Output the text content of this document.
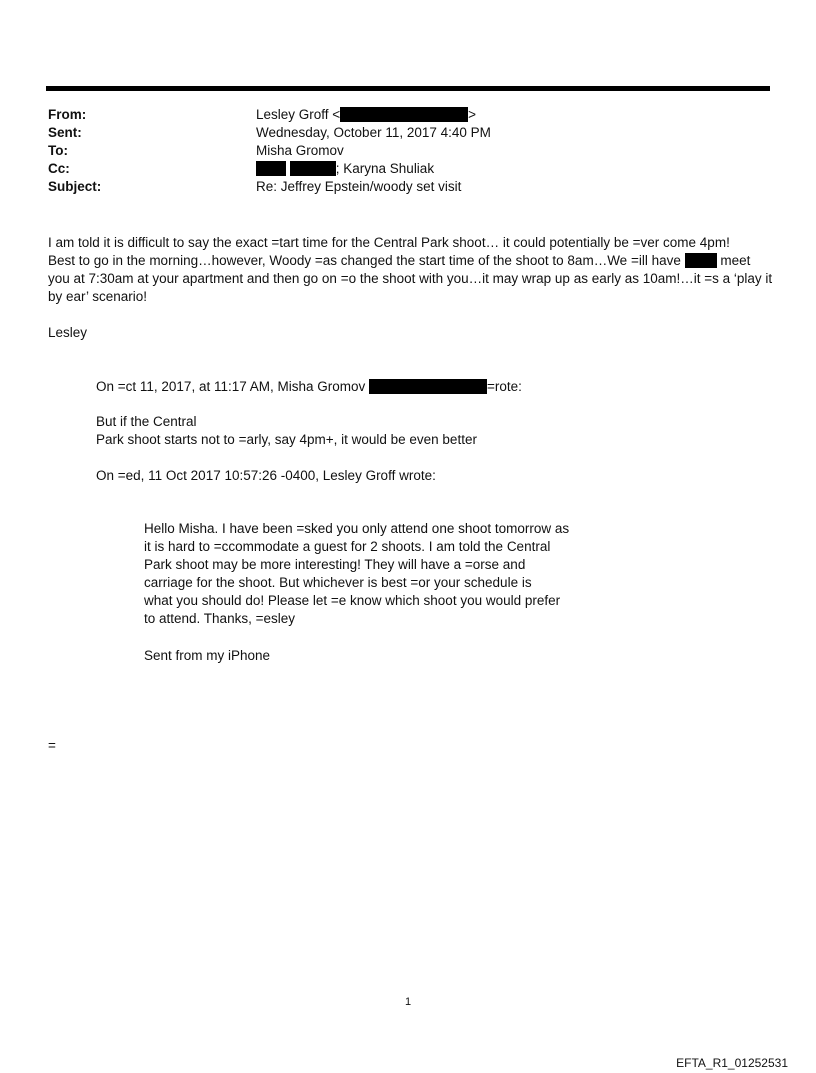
From:	Lesley Groff <	>
Sent:	Wednesday, October 11, 2017 4:40 PM
To:	Misha Gromov
Cc:	; Karyna Shuliak
Subject:	Re: Jeffrey Epstein/woody set visit
I am told it is difficult to say the exact =tart time for the Central Park shoot… it could potentially be =ver come 4pm!
Best to go in the morning…however, Woody =as changed the start time of the shoot to 8am…We =ill have	meet
you at 7:30am at your apartment and then go on =o the shoot with you…it may wrap up as early as 10am!…it =s a ‘play it
by ear’ scenario!
Lesley
On =ct 11, 2017, at 11:17 AM, Misha Gromov	=rote:
But if the Central
Park shoot starts not to =arly, say 4pm+, it would be even better
On =ed, 11 Oct 2017 10:57:26 -0400, Lesley Groff wrote:
Hello Misha. I have been =sked you only attend one shoot tomorrow as
it is hard to =ccommodate a guest for 2 shoots. I am told the Central
Park shoot may be more interesting! They will have a =orse and
carriage for the shoot. But whichever is best =or your schedule is
what you should do! Please let =e know which shoot you would prefer
to attend. Thanks, =esley
Sent from my iPhone
=
1
EFTA_R1_01252531
